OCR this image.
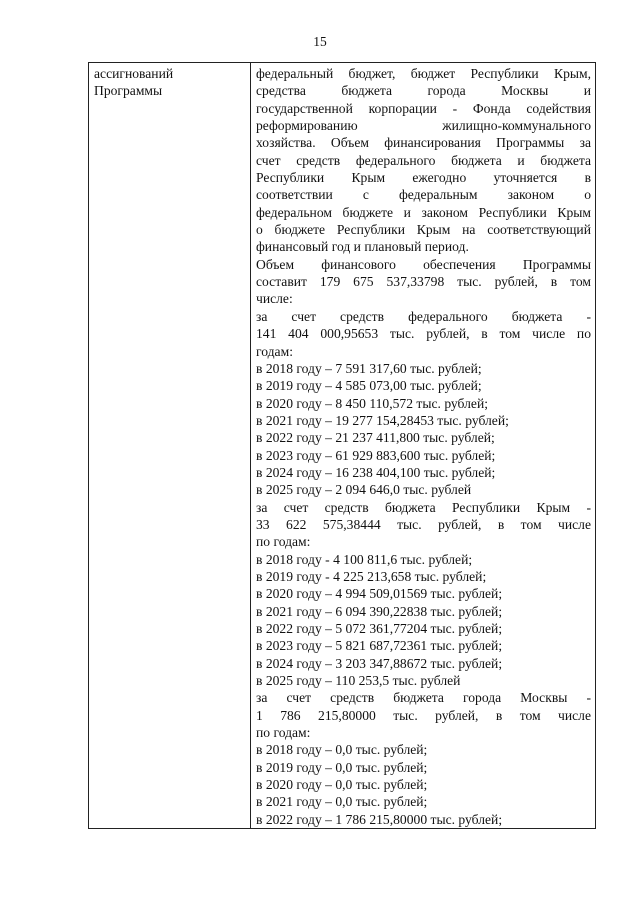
15
ассигнований
Программы

федеральный бюджет, бюджет Республики Крым,
средства бюджета города Москвы и
государственной корпорации - Фонда содействия
реформированию жилищно-коммунального
хозяйства. Объем финансирования Программы за
счет средств федерального бюджета и бюджета
Республики Крым ежегодно уточняется в
соответствии с федеральным законом о
федеральном бюджете и законом Республики Крым
о бюджете Республики Крым на соответствующий
финансовый год и плановый период.
Объем финансового обеспечения Программы
составит 179 675 537,33798 тыс. рублей, в том
числе:
за счет средств федерального бюджета -
141 404 000,95653 тыс. рублей, в том числе по
годам:
в 2018 году – 7 591 317,60 тыс. рублей;
в 2019 году – 4 585 073,00 тыс. рублей;
в 2020 году – 8 450 110,572 тыс. рублей;
в 2021 году – 19 277 154,28453 тыс. рублей;
в 2022 году – 21 237 411,800 тыс. рублей;
в 2023 году – 61 929 883,600 тыс. рублей;
в 2024 году – 16 238 404,100 тыс. рублей;
в 2025 году – 2 094 646,0 тыс. рублей
за счет средств бюджета Республики Крым -
33 622 575,38444 тыс. рублей, в том числе
по годам:
в 2018 году - 4 100 811,6 тыс. рублей;
в 2019 году - 4 225 213,658 тыс. рублей;
в 2020 году – 4 994 509,01569 тыс. рублей;
в 2021 году – 6 094 390,22838 тыс. рублей;
в 2022 году – 5 072 361,77204 тыс. рублей;
в 2023 году – 5 821 687,72361 тыс. рублей;
в 2024 году – 3 203 347,88672 тыс. рублей;
в 2025 году – 110 253,5 тыс. рублей
за счет средств бюджета города Москвы -
1 786 215,80000 тыс. рублей, в том числе
по годам:
в 2018 году – 0,0 тыс. рублей;
в 2019 году – 0,0 тыс. рублей;
в 2020 году – 0,0 тыс. рублей;
в 2021 году – 0,0 тыс. рублей;
в 2022 году – 1 786 215,80000 тыс. рублей;
